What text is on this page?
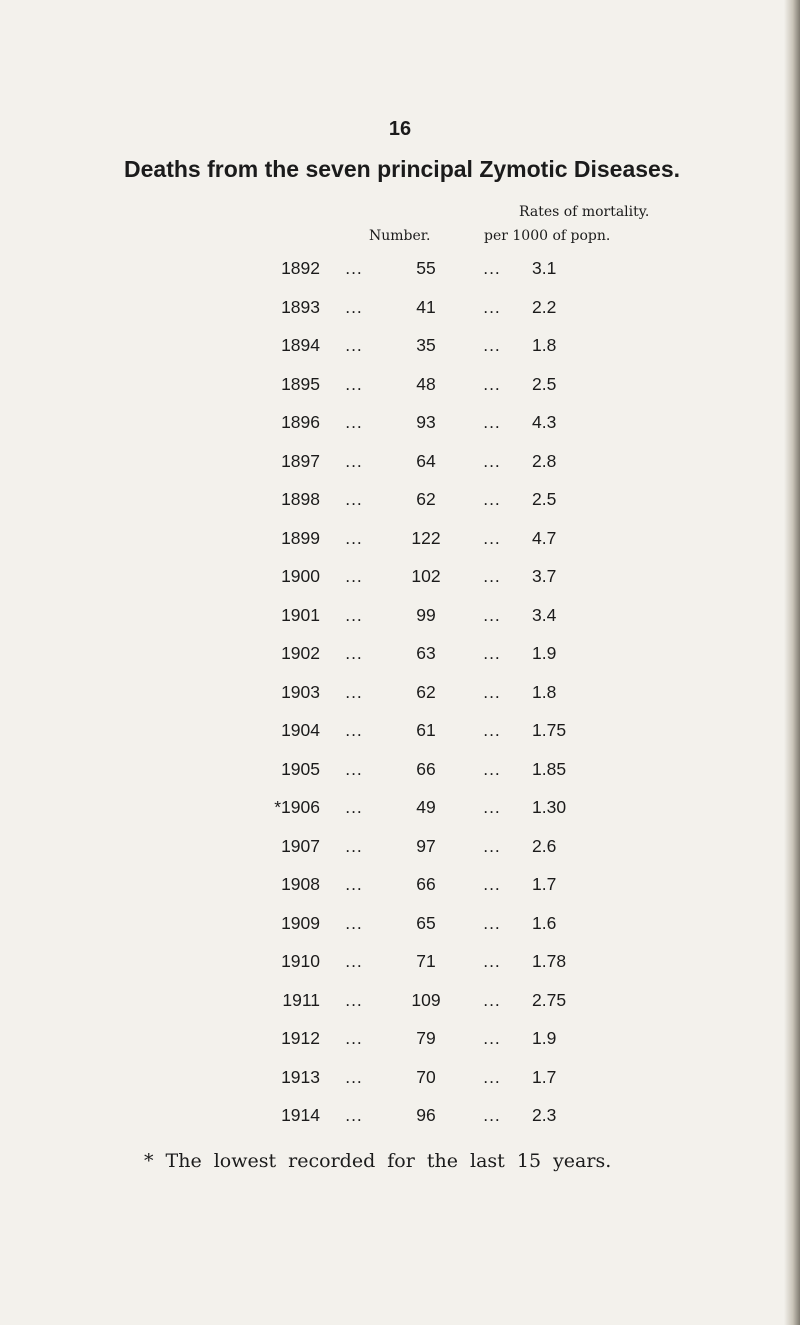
16
Deaths from the seven principal Zymotic Diseases.
Rates of mortality.
Number.	per 1000 of popn.
1892 ...	55	... 3.1
1893 ...	41	... 2.2
1894 ...	35	... 1.8
1895 ...	48	... 2.5
1896 ...	93	... 4.3
1897 ...	64	... 2.8
1898 ...	62	... 2.5
1899 ...	122	... 4.7
1900 ...	102	... 3.7
1901 ...	99	... 3.4
1902 ...	63	... 1.9
1903 ...	62	... 1.8
1904 ...	61	... 1.75
1905 ...	66	... 1.85
*1906 ...	49	... 1.30
1907 ...	97	... 2.6
1908 ...	66	... 1.7
1909 ...	65	... 1.6
1910 ...	71	... 1.78
1911 ...	109	... 2.75
1912 ...	79	... 1.9
1913 ...	70	... 1.7
1914 ...	96	... 2.3
* The lowest recorded for the last 15 years.
